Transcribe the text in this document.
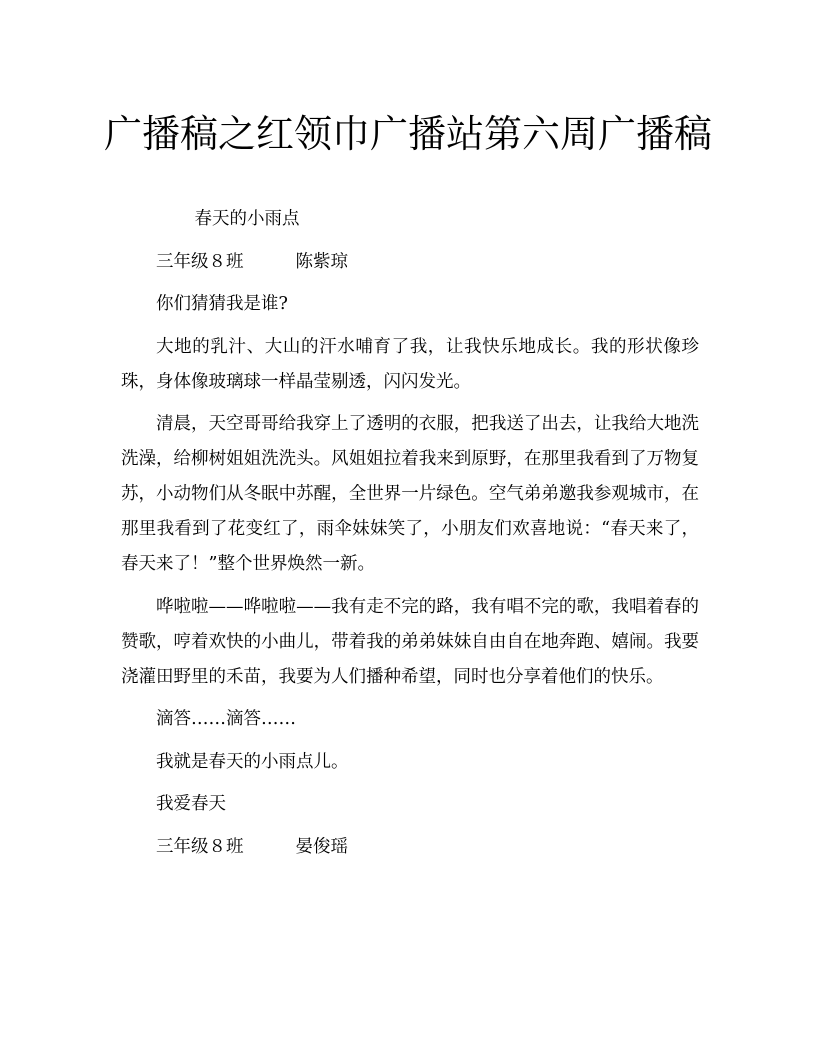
广播稿之红领巾广播站第六周广播稿

春天的小雨点

三年级８班	陈紫琼

你们猜猜我是谁?

大地的乳汁、大山的汗水哺育了我，让我快乐地成长。我的形状像珍珠，身体像玻璃球一样晶莹剔透，闪闪发光。

清晨，天空哥哥给我穿上了透明的衣服，把我送了出去，让我给大地洗洗澡，给柳树姐姐洗洗头。风姐姐拉着我来到原野，在那里我看到了万物复苏，小动物们从冬眠中苏醒，全世界一片绿色。空气弟弟邀我参观城市，在那里我看到了花变红了，雨伞妹妹笑了，小朋友们欢喜地说：“春天来了，春天来了！”整个世界焕然一新。

哗啦啦——哗啦啦——我有走不完的路，我有唱不完的歌，我唱着春的赞歌，哼着欢快的小曲儿，带着我的弟弟妹妹自由自在地奔跑、嬉闹。我要浇灌田野里的禾苗，我要为人们播种希望，同时也分享着他们的快乐。

滴答……滴答……

我就是春天的小雨点儿。

我爱春天

三年级８班	晏俊瑶
